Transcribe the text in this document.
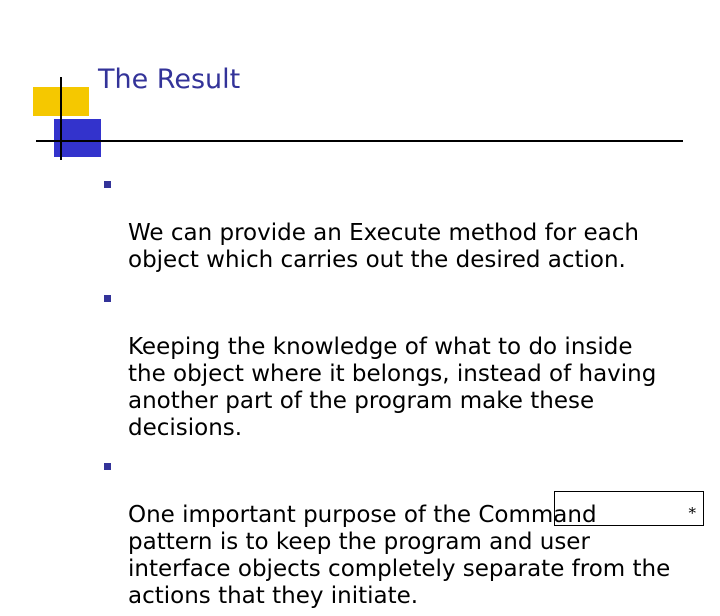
The Result

We can provide an Execute method for each
object which carries out the desired action.

Keeping the knowledge of what to do inside
the object where it belongs, instead of having
another part of the program make these
decisions.

One important purpose of the Command
pattern is to keep the program and user
interface objects completely separate from the
actions that they initiate.

*
